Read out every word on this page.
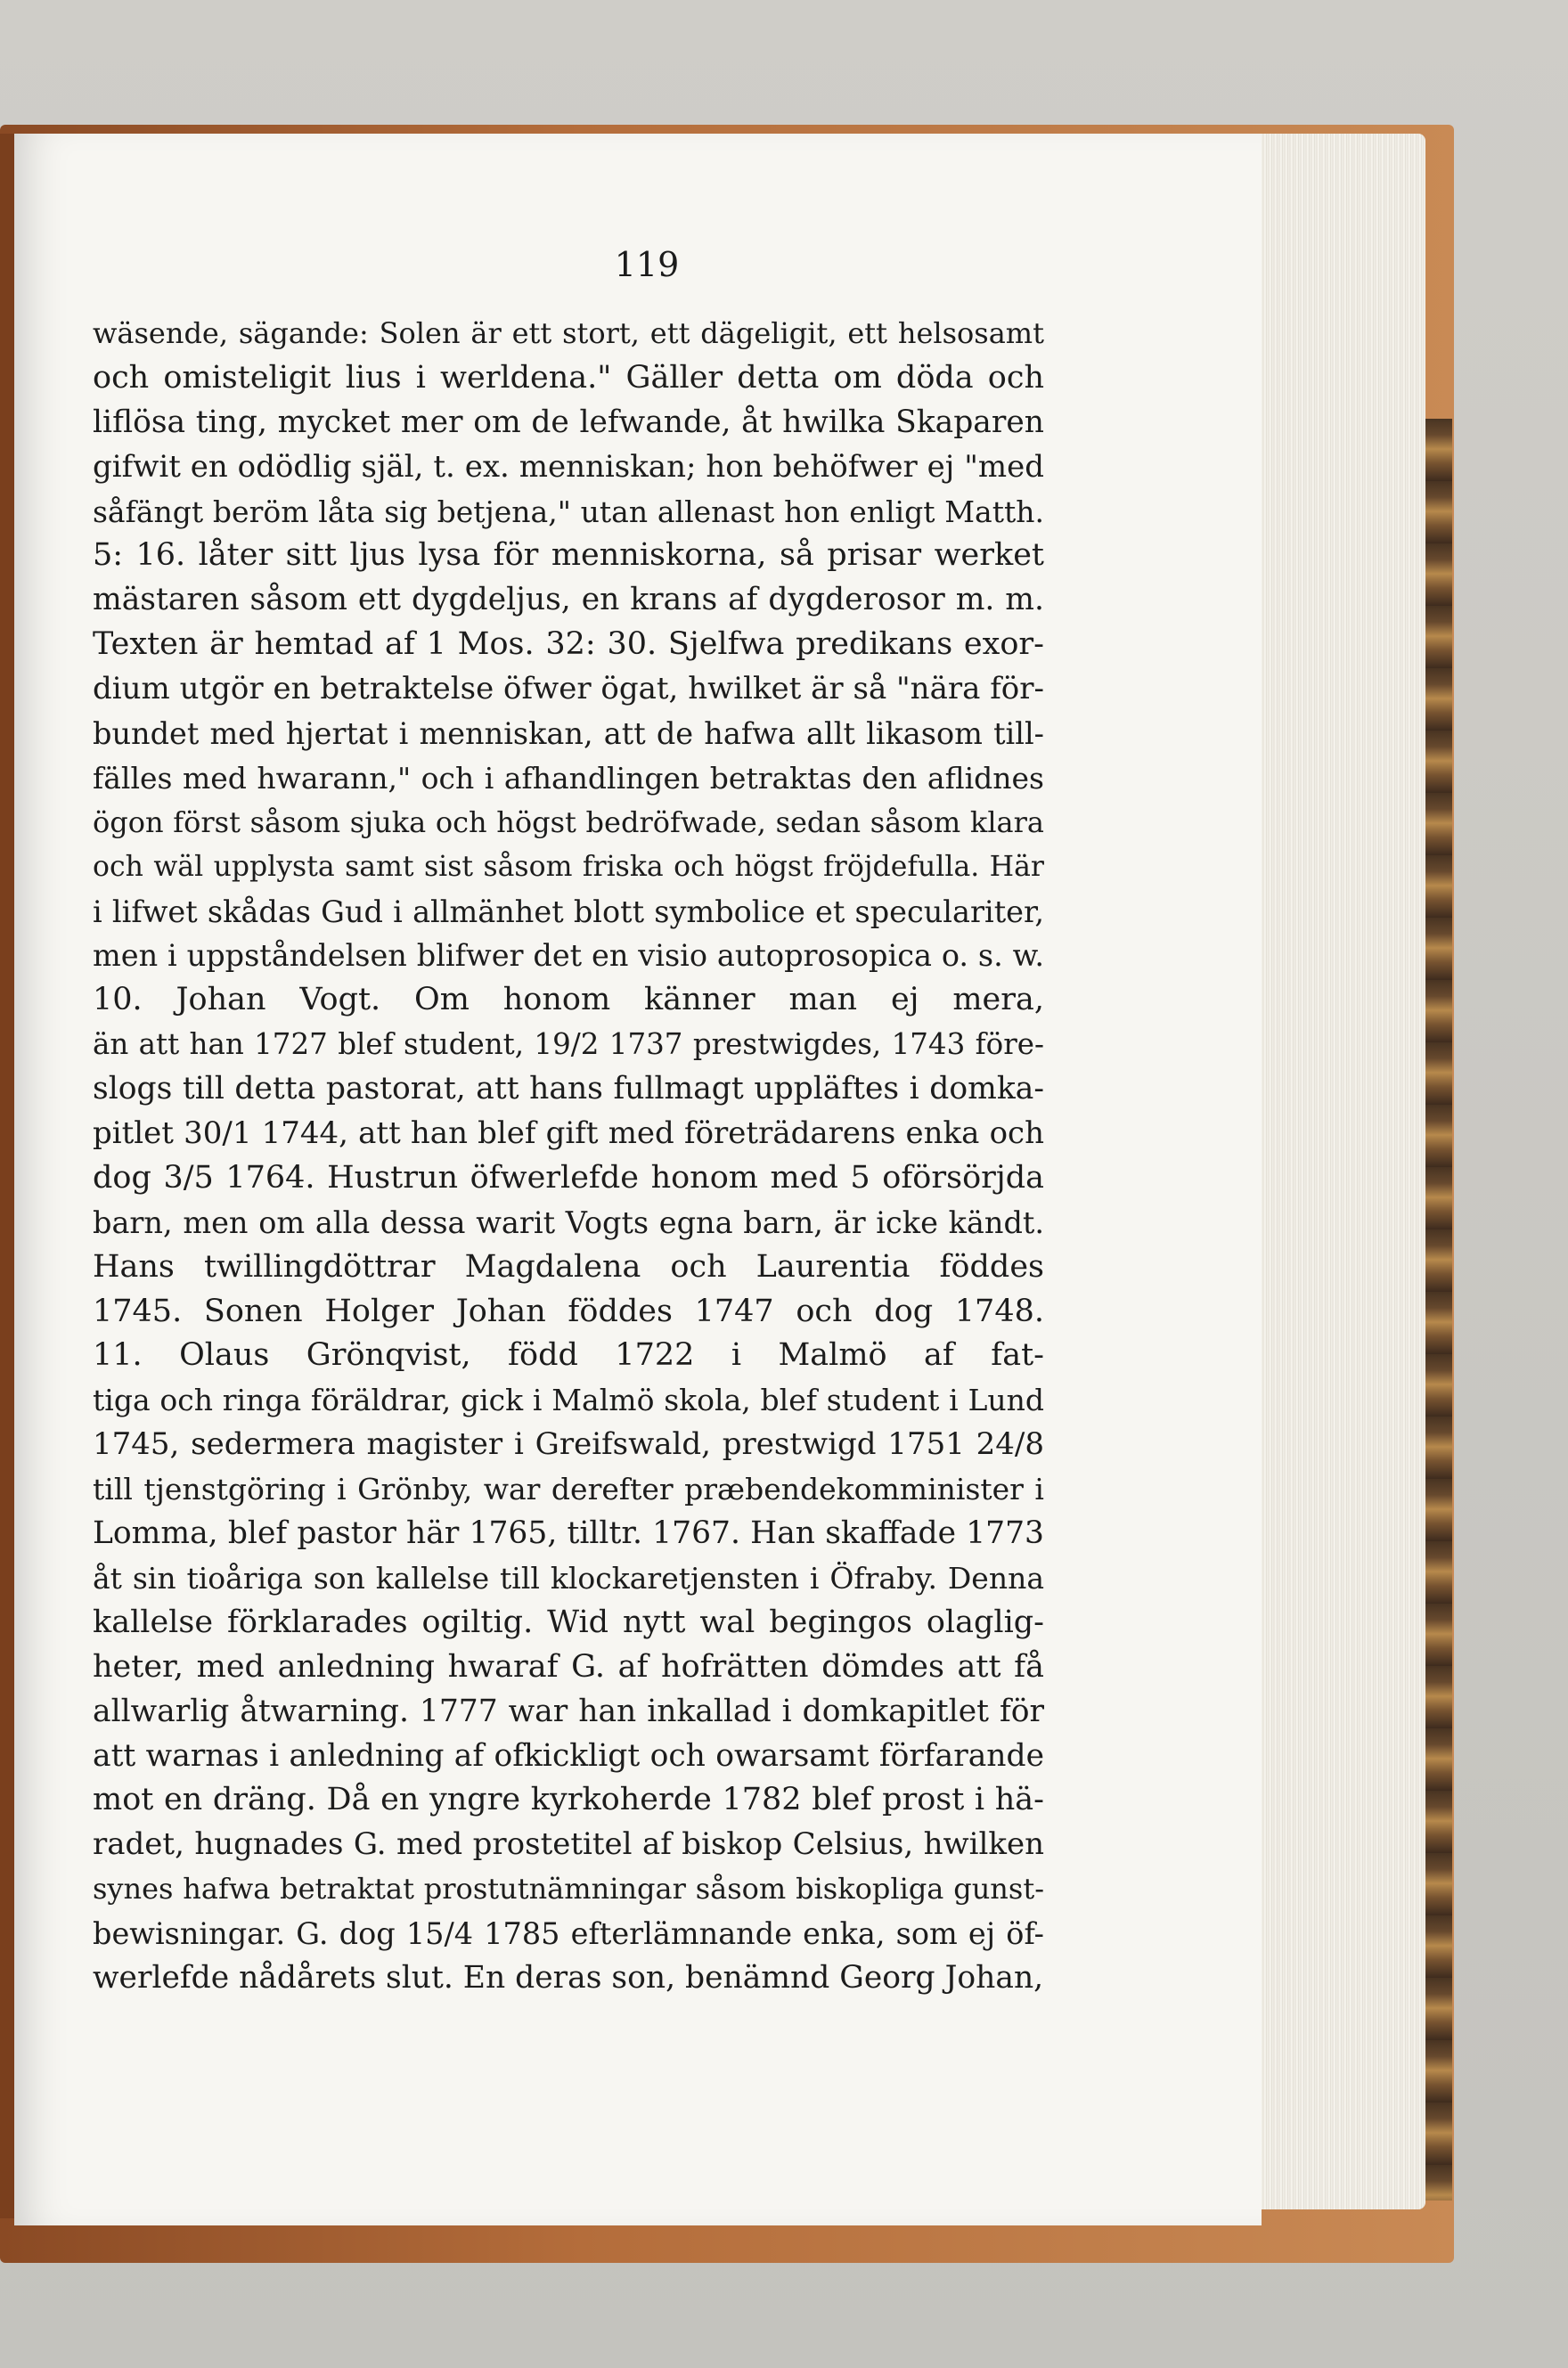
119
wäsende, sägande: Solen är ett stort, ett dägeligit, ett helsosamt
och omisteligit lius i werldena." Gäller detta om döda och
liflösa ting, mycket mer om de lefwande, åt hwilka Skaparen
gifwit en odödlig själ, t. ex. menniskan; hon behöfwer ej "med
såfängt beröm låta sig betjena," utan allenast hon enligt Matth.
5: 16. låter sitt ljus lysa för menniskorna, så prisar werket
mästaren såsom ett dygdeljus, en krans af dygderosor m. m.
Texten är hemtad af 1 Mos. 32: 30. Sjelfwa predikans exor-
dium utgör en betraktelse öfwer ögat, hwilket är så "nära för-
bundet med hjertat i menniskan, att de hafwa allt likasom till-
fälles med hwarann," och i afhandlingen betraktas den aflidnes
ögon först såsom sjuka och högst bedröfwade, sedan såsom klara
och wäl upplysta samt sist såsom friska och högst fröjdefulla. Här
i lifwet skådas Gud i allmänhet blott symbolice et speculariter,
men i uppståndelsen blifwer det en visio autoprosopica o. s. w.
10. Johan Vogt. Om honom känner man ej mera,
än att han 1727 blef student, 19/2 1737 prestwigdes, 1743 före-
slogs till detta pastorat, att hans fullmagt uppläftes i domka-
pitlet 30/1 1744, att han blef gift med företrädarens enka och
dog 3/5 1764. Hustrun öfwerlefde honom med 5 oförsörjda
barn, men om alla dessa warit Vogts egna barn, är icke kändt.
Hans twillingdöttrar Magdalena och Laurentia föddes
1745. Sonen Holger Johan föddes 1747 och dog 1748.
11. Olaus Grönqvist, född 1722 i Malmö af fat-
tiga och ringa föräldrar, gick i Malmö skola, blef student i Lund
1745, sedermera magister i Greifswald, prestwigd 1751 24/8
till tjenstgöring i Grönby, war derefter præbendekomminister i
Lomma, blef pastor här 1765, tilltr. 1767. Han skaffade 1773
åt sin tioåriga son kallelse till klockaretjensten i Öfraby. Denna
kallelse förklarades ogiltig. Wid nytt wal begingos olaglig-
heter, med anledning hwaraf G. af hofrätten dömdes att få
allwarlig åtwarning. 1777 war han inkallad i domkapitlet för
att warnas i anledning af ofkickligt och owarsamt förfarande
mot en dräng. Då en yngre kyrkoherde 1782 blef prost i hä-
radet, hugnades G. med prostetitel af biskop Celsius, hwilken
synes hafwa betraktat prostutnämningar såsom biskopliga gunst-
bewisningar. G. dog 15/4 1785 efterlämnande enka, som ej öf-
werlefde nådårets slut. En deras son, benämnd Georg Johan,
